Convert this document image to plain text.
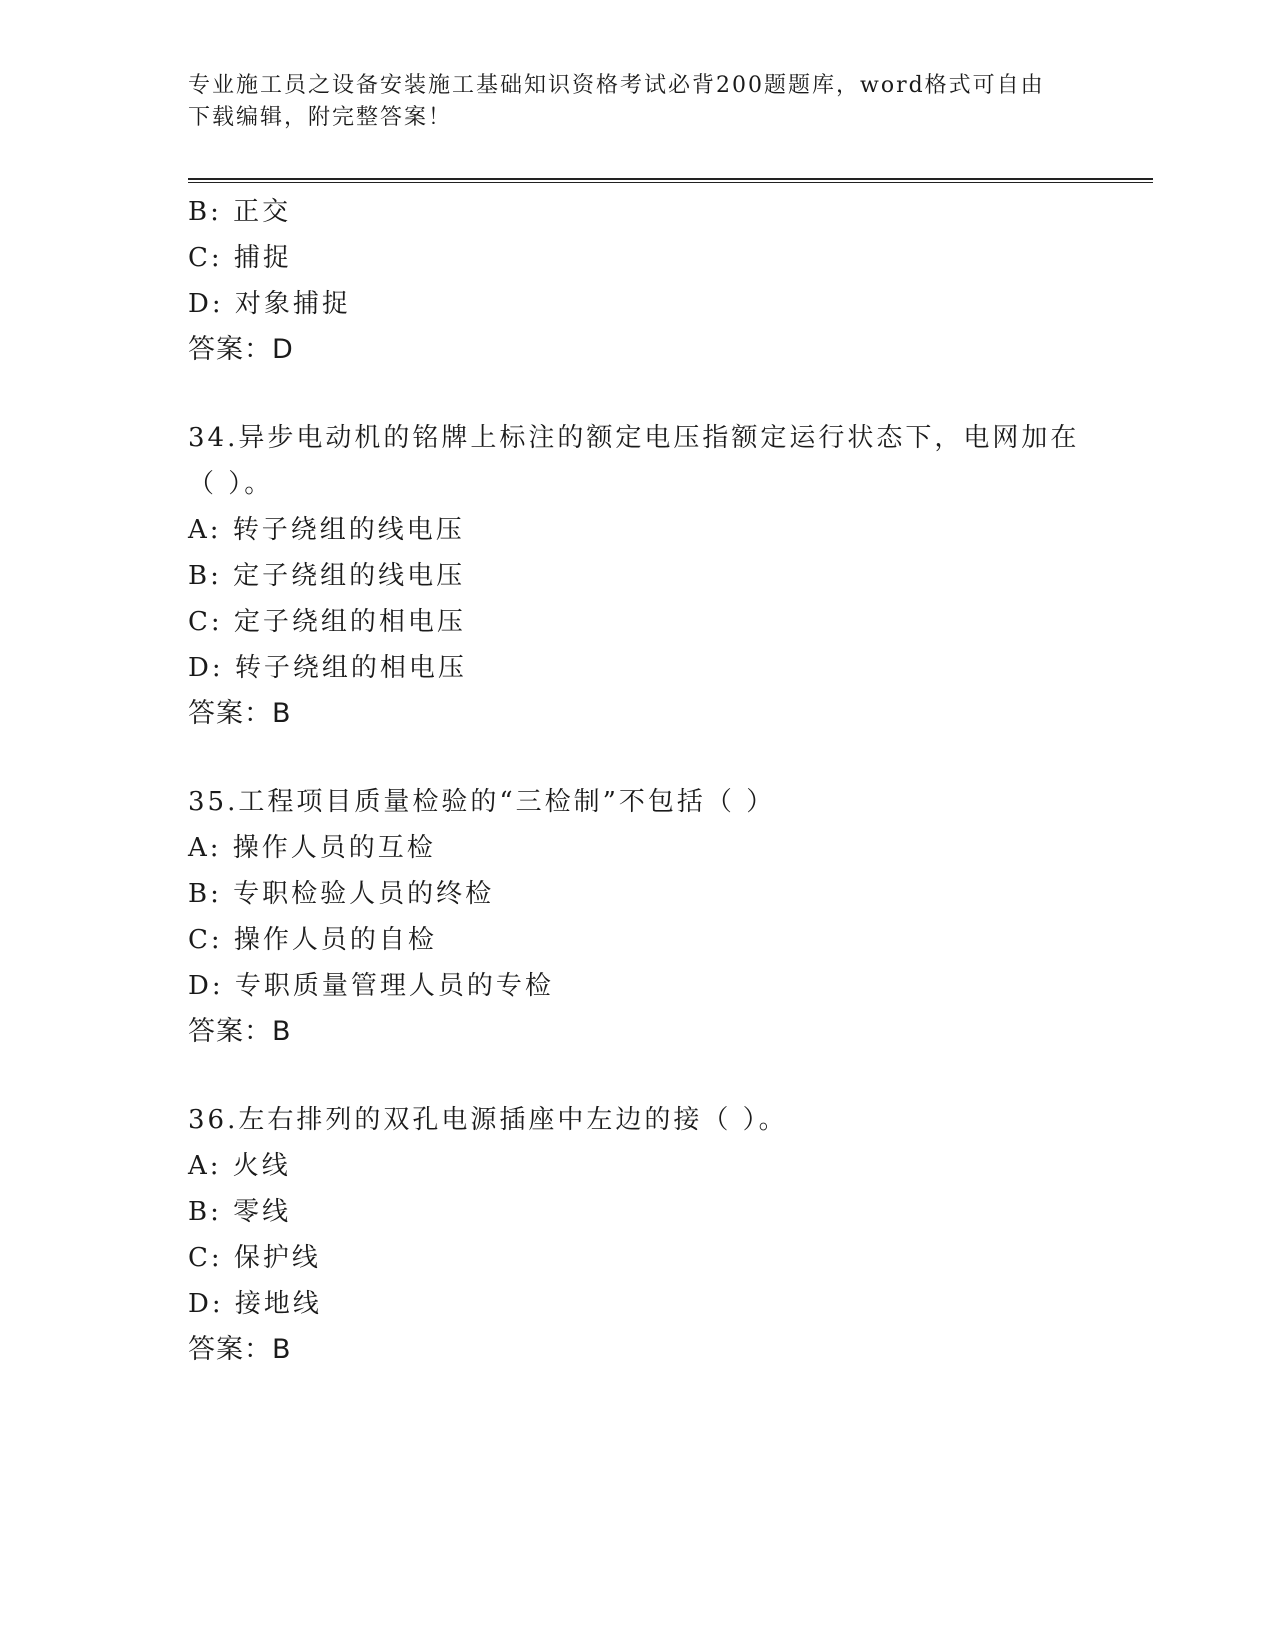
专业施工员之设备安装施工基础知识资格考试必背200题题库，word格式可自由
下载编辑，附完整答案！
B: 正交
C: 捕捉
D: 对象捕捉
答案：D
34.异步电动机的铭牌上标注的额定电压指额定运行状态下，电网加在
（ ）。
A: 转子绕组的线电压
B: 定子绕组的线电压
C: 定子绕组的相电压
D: 转子绕组的相电压
答案：B
35.工程项目质量检验的“三检制”不包括（ ）
A: 操作人员的互检
B: 专职检验人员的终检
C: 操作人员的自检
D: 专职质量管理人员的专检
答案：B
36.左右排列的双孔电源插座中左边的接（ ）。
A: 火线
B: 零线
C: 保护线
D: 接地线
答案：B
